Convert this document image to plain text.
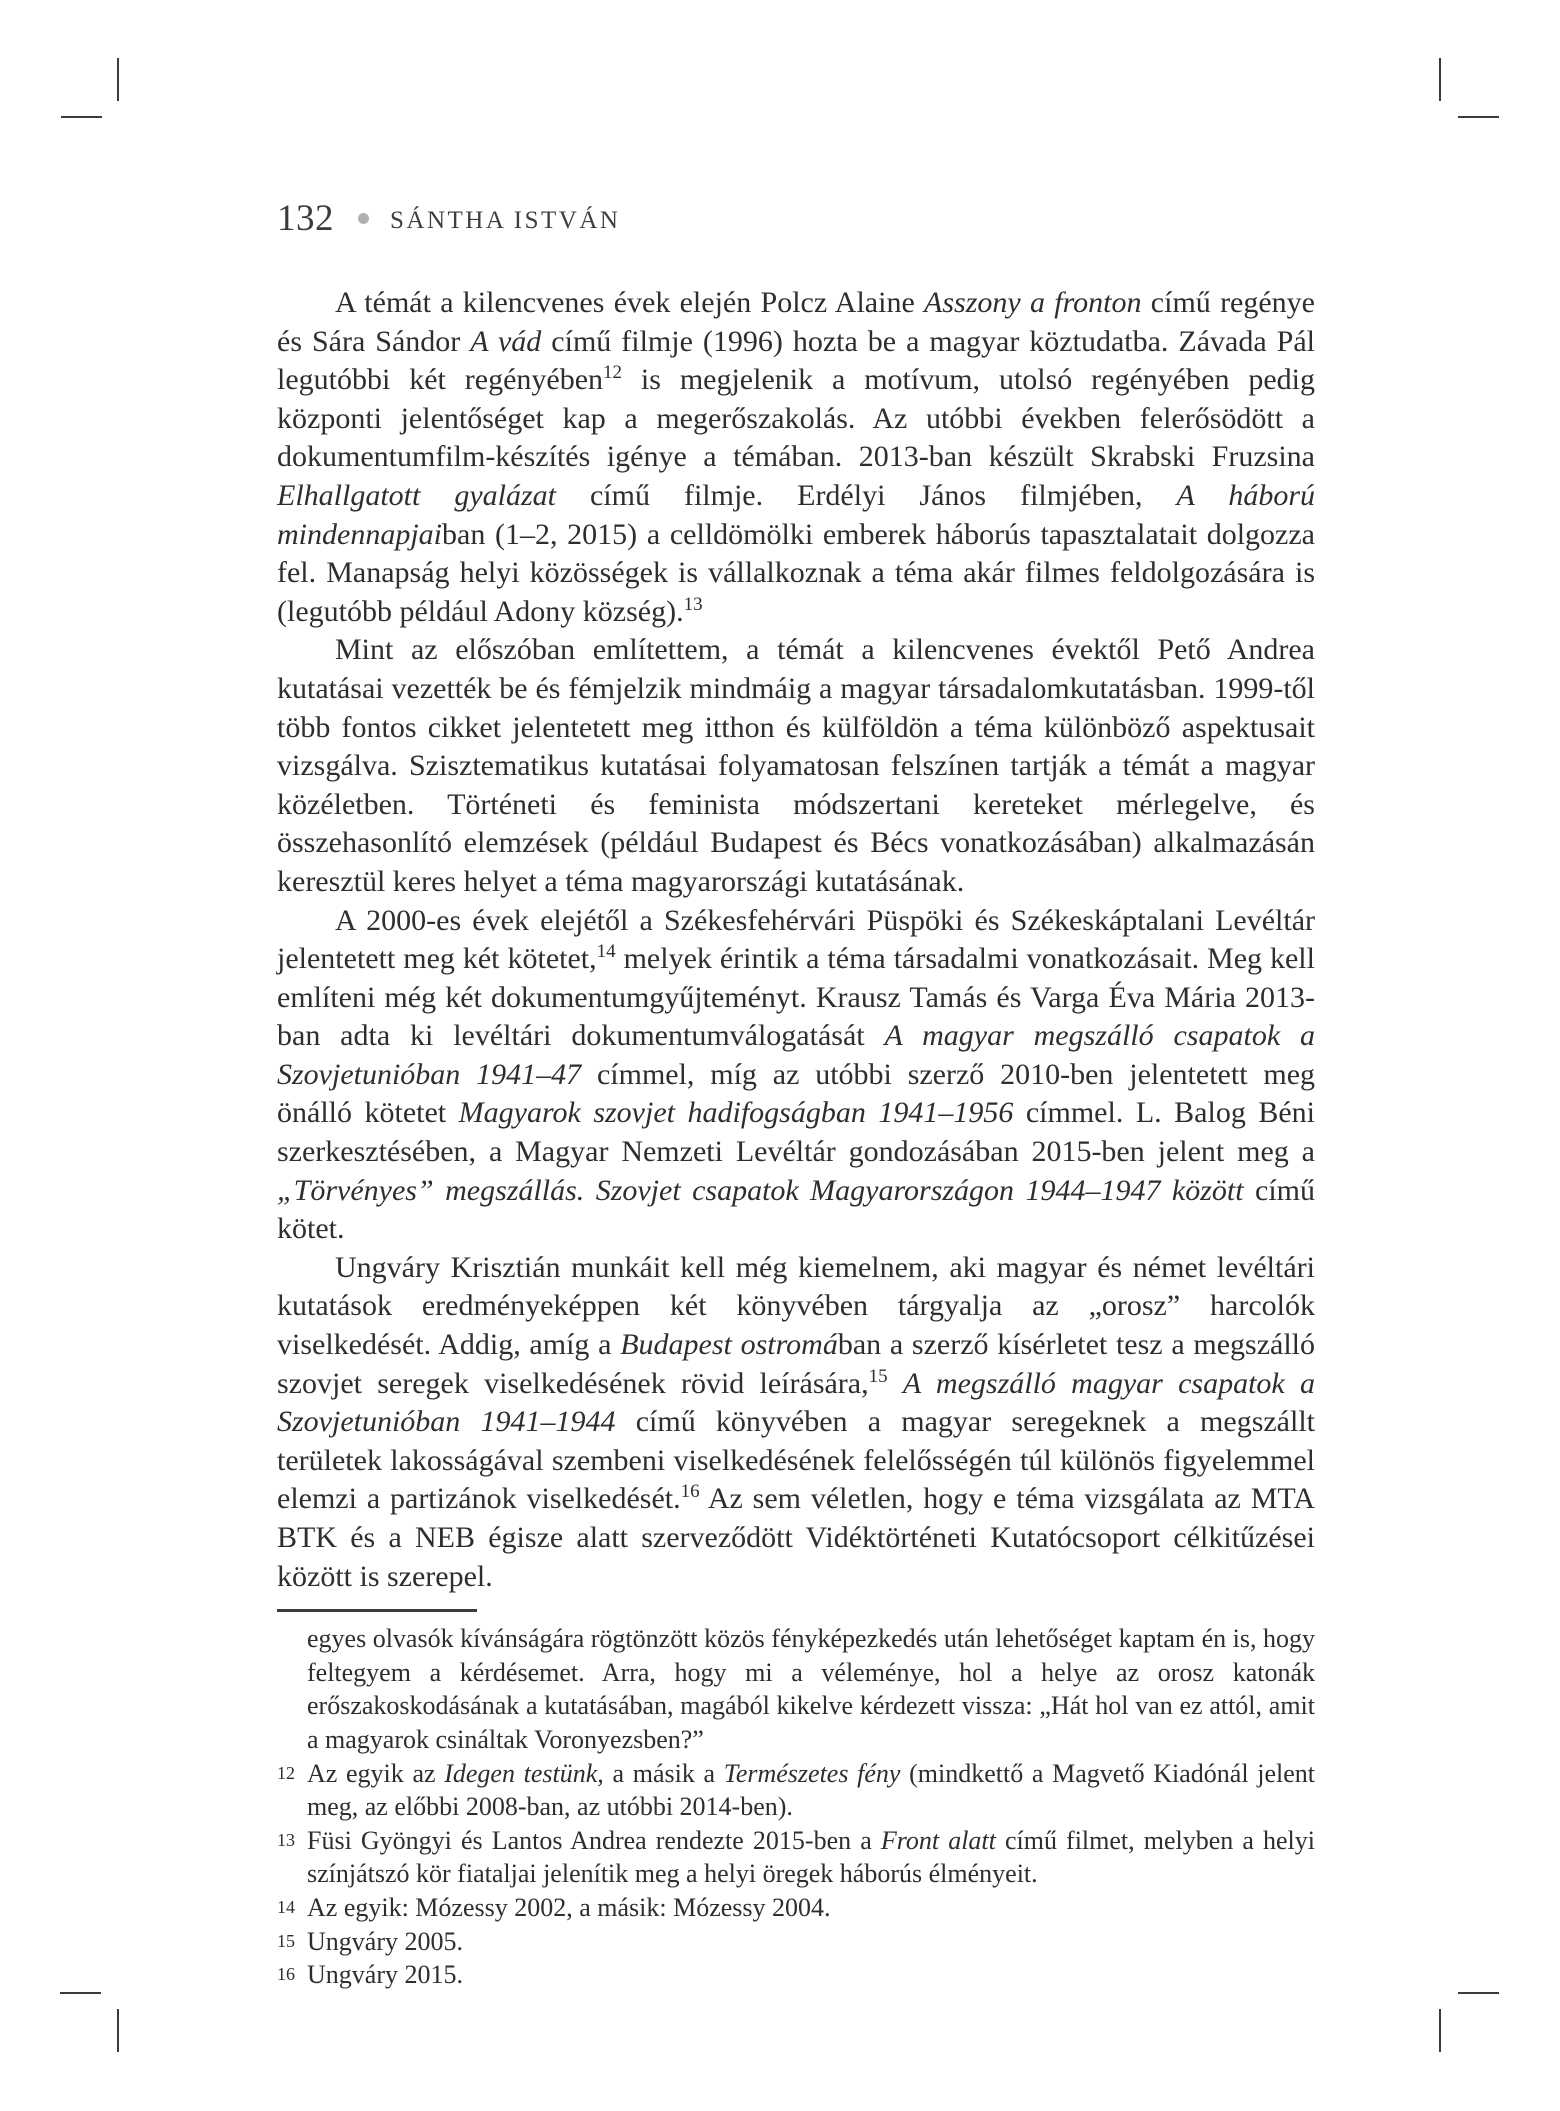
132 SÁNTHA ISTVÁN

A témát a kilencvenes évek elején Polcz Alaine Asszony a fronton című regénye és Sára Sándor A vád című filmje (1996) hozta be a magyar köztudatba. Závada Pál legutóbbi két regényében$^{12}$ is megjelenik a motívum, utolsó regényében pedig központi jelentőséget kap a megerőszakolás. Az utóbbi években felerősödött a dokumentumfilm-készítés igénye a témában. 2013-ban készült Skrabski Fruzsina Elhallgatott gyalázat című filmje. Erdélyi János filmjében, A háború mindennapjaiban (1–2, 2015) a celldömölki emberek háborús tapasztalatait dolgozza fel. Manapság helyi közösségek is vállalkoznak a téma akár filmes feldolgozására is (legutóbb például Adony község).$^{13}$

Mint az előszóban említettem, a témát a kilencvenes évektől Pető Andrea kutatásai vezették be és fémjelzik mindmáig a magyar társadalomkutatásban. 1999-től több fontos cikket jelentetett meg itthon és külföldön a téma különböző aspektusait vizsgálva. Szisztematikus kutatásai folyamatosan felszínen tartják a témát a magyar közéletben. Történeti és feminista módszertani kereteket mérlegelve, és összehasonlító elemzések (például Budapest és Bécs vonatkozásában) alkalmazásán keresztül keres helyet a téma magyarországi kutatásának.

A 2000-es évek elejétől a Székesfehérvári Püspöki és Székeskáptalani Levéltár jelentetett meg két kötetet,$^{14}$ melyek érintik a téma társadalmi vonatkozásait. Meg kell említeni még két dokumentumgyűjteményt. Krausz Tamás és Varga Éva Mária 2013-ban adta ki levéltári dokumentumválogatását A magyar megszálló csapatok a Szovjetunióban 1941–47 címmel, míg az utóbbi szerző 2010-ben jelentetett meg önálló kötetet Magyarok szovjet hadifogságban 1941–1956 címmel. L. Balog Béni szerkesztésében, a Magyar Nemzeti Levéltár gondozásában 2015-ben jelent meg a „Törvényes” megszállás. Szovjet csapatok Magyarországon 1944–1947 között című kötet.

Ungváry Krisztián munkáit kell még kiemelnem, aki magyar és német levéltári kutatások eredményeképpen két könyvében tárgyalja az „orosz” harcolók viselkedését. Addig, amíg a Budapest ostromában a szerző kísérletet tesz a megszálló szovjet seregek viselkedésének rövid leírására,$^{15}$ A megszálló magyar csapatok a Szovjetunióban 1941–1944 című könyvében a magyar seregeknek a megszállt területek lakosságával szembeni viselkedésének felelősségén túl különös figyelemmel elemzi a partizánok viselkedését.$^{16}$ Az sem véletlen, hogy e téma vizsgálata az MTA BTK és a NEB égisze alatt szerveződött Vidéktörténeti Kutatócsoport célkitűzései között is szerepel.

egyes olvasók kívánságára rögtönzött közös fényképezkedés után lehetőséget kaptam én is, hogy feltegyem a kérdésemet. Arra, hogy mi a véleménye, hol a helye az orosz katonák erőszakoskodásának a kutatásában, magából kikelve kérdezett vissza: „Hát hol van ez attól, amit a magyarok csináltak Voronyezsben?”
12 Az egyik az Idegen testünk, a másik a Természetes fény (mindkettő a Magvető Kiadónál jelent meg, az előbbi 2008-ban, az utóbbi 2014-ben).
13 Füsi Gyöngyi és Lantos Andrea rendezte 2015-ben a Front alatt című filmet, melyben a helyi színjátszó kör fiataljai jelenítik meg a helyi öregek háborús élményeit.
14 Az egyik: Mózessy 2002, a másik: Mózessy 2004.
15 Ungváry 2005.
16 Ungváry 2015.
